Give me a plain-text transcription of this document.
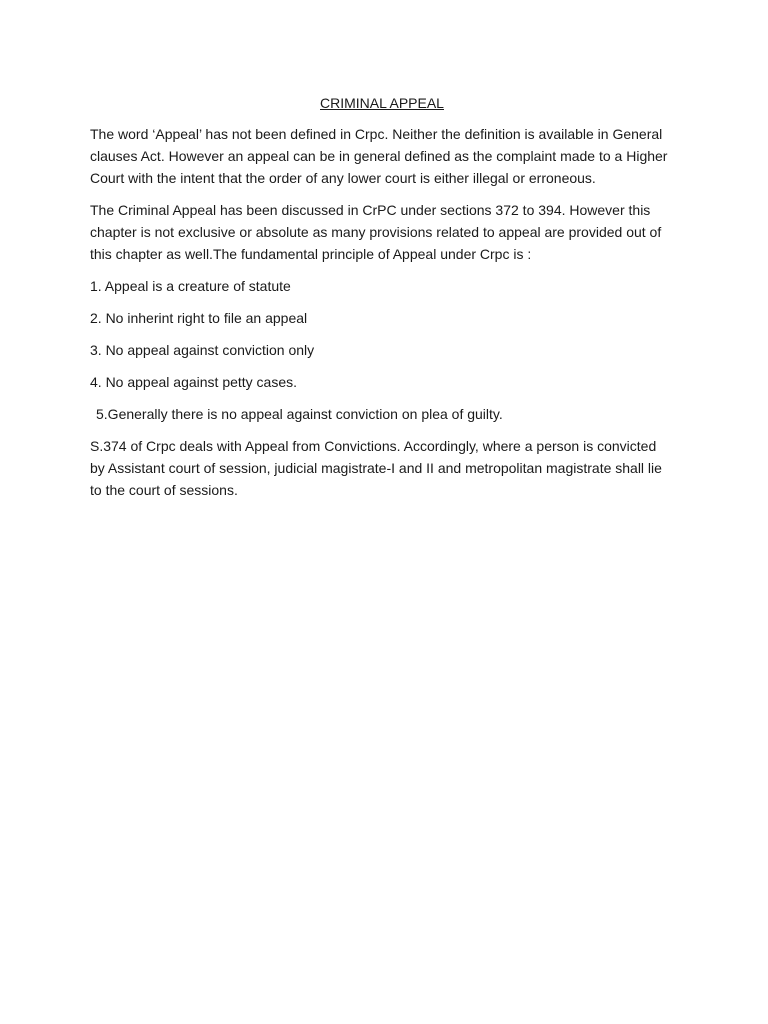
CRIMINAL APPEAL

The word ‘Appeal’ has not been defined in Crpc. Neither the definition is available in General clauses Act. However an appeal can be in general defined as the complaint made to a Higher Court with the intent that the order of any lower court is either illegal or erroneous.

The Criminal Appeal has been discussed in CrPC under sections 372 to 394. However this chapter is not exclusive or absolute as many provisions related to appeal are provided out of this chapter as well.The fundamental principle of Appeal under Crpc is :

1. Appeal is a creature of statute
2. No inherint right to file an appeal
3. No appeal against conviction only
4. No appeal against petty cases.
5.Generally there is no appeal against conviction on plea of guilty.

S.374 of Crpc deals with Appeal from Convictions. Accordingly, where a person is convicted by Assistant court of session, judicial magistrate-I and II and metropolitan magistrate shall lie to the court of sessions.
